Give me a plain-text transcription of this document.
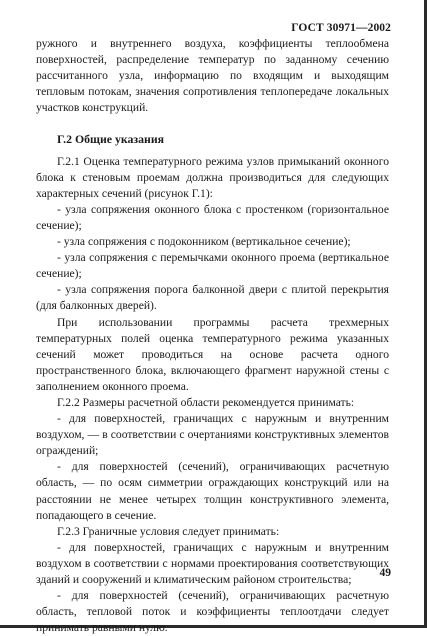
ГОСТ 30971—2002

ружного и внутреннего воздуха, коэффициенты теплообмена поверхностей, распределение температур по заданному сечению рассчитанного узла, информацию по входящим и выходящим тепловым потокам, значения сопротивления теплопередаче локальных участков конструкций.

Г.2 Общие указания

Г.2.1 Оценка температурного режима узлов примыканий оконного блока к стеновым проемам должна производиться для следующих характерных сечений (рисунок Г.1):

- узла сопряжения оконного блока с простенком (горизонтальное сечение);

- узла сопряжения с подоконником (вертикальное сечение);

- узла сопряжения с перемычками оконного проема (вертикальное сечение);

- узла сопряжения порога балконной двери с плитой перекрытия (для балконных дверей).

При использовании программы расчета трехмерных температурных полей оценка температурного режима указанных сечений может проводиться на основе расчета одного пространственного блока, включающего фрагмент наружной стены с заполнением оконного проема.

Г.2.2 Размеры расчетной области рекомендуется принимать:

- для поверхностей, граничащих с наружным и внутренним воздухом, — в соответствии с очертаниями конструктивных элементов ограждений;

- для поверхностей (сечений), ограничивающих расчетную область, — по осям симметрии ограждающих конструкций или на расстоянии не менее четырех толщин конструктивного элемента, попадающего в сечение.

Г.2.3 Граничные условия следует принимать:

- для поверхностей, граничащих с наружным и внутренним воздухом в соответствии с нормами проектирования соответствующих зданий и сооружений и климатическим районом строительства;

- для поверхностей (сечений), ограничивающих расчетную область, тепловой поток и коэффициенты теплоотдачи следует принимать равными нулю.

49
